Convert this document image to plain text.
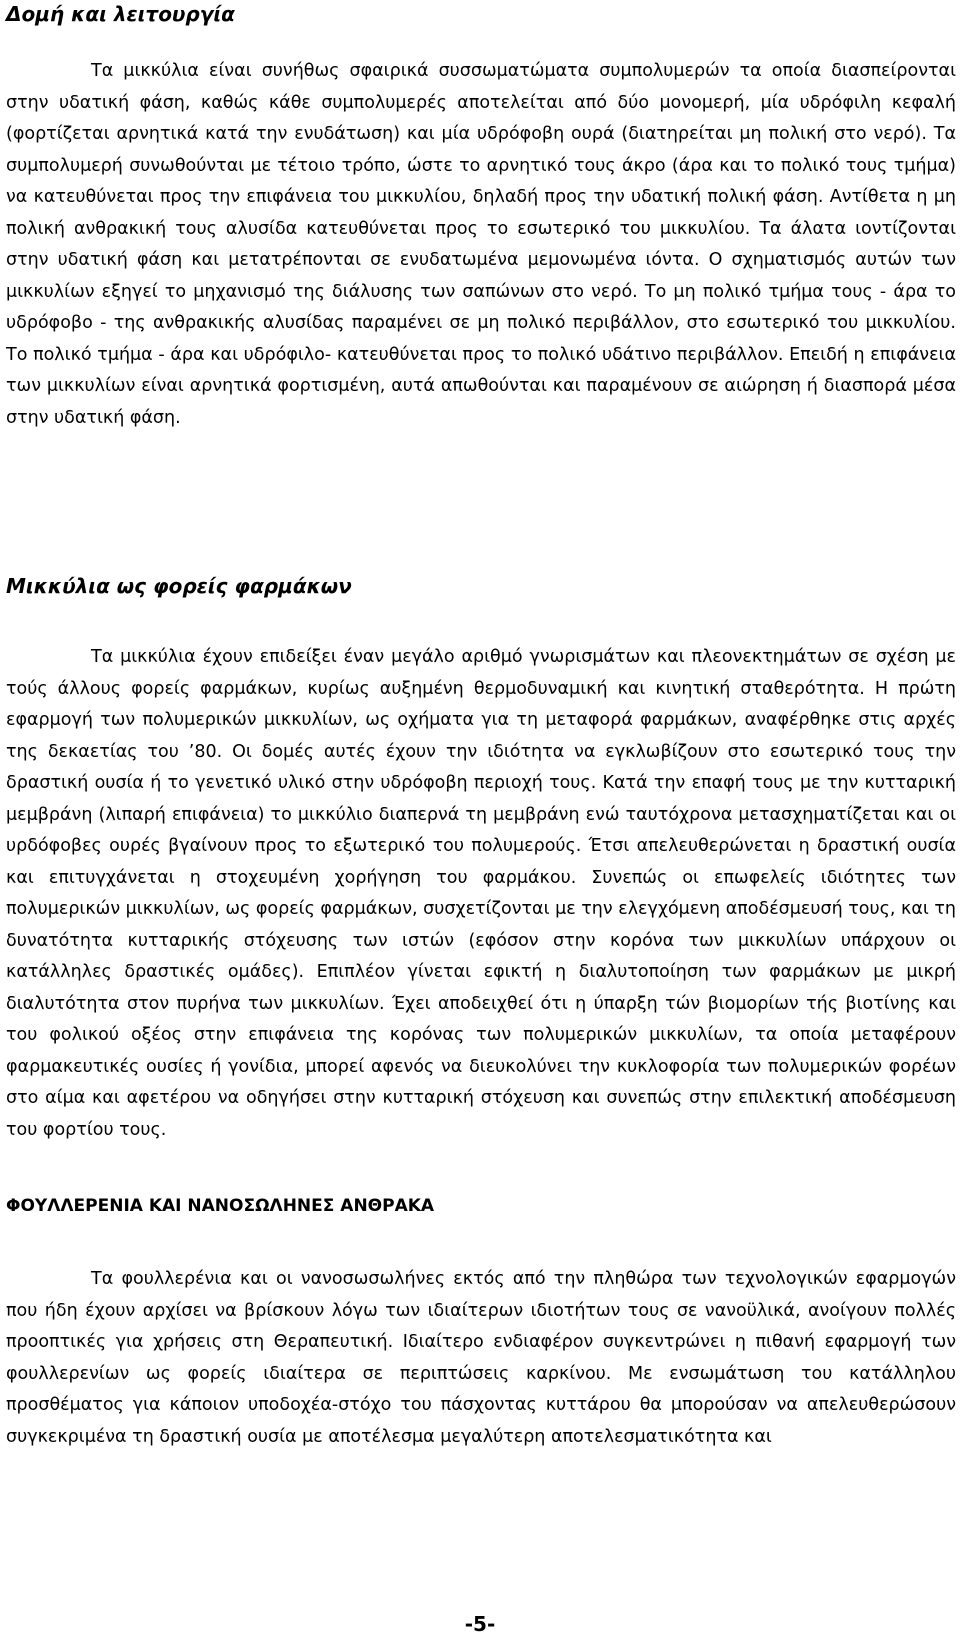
Δομή και λειτουργία

Τα μικκύλια είναι συνήθως σφαιρικά συσσωματώματα συμπολυμερών τα οποία διασπείρονται στην υδατική φάση, καθώς κάθε συμπολυμερές αποτελείται από δύο μονομερή, μία υδρόφιλη κεφαλή (φορτίζεται αρνητικά κατά την ενυδάτωση) και μία υδρόφοβη ουρά (διατηρείται μη πολική στο νερό). Τα συμπολυμερή συνωθούνται με τέτοιο τρόπο, ώστε το αρνητικό τους άκρο (άρα και το πολικό τους τμήμα) να κατευθύνεται προς την επιφάνεια του μικκυλίου, δηλαδή προς την υδατική πολική φάση. Αντίθετα η μη πολική ανθρακική τους αλυσίδα κατευθύνεται προς το εσωτερικό του μικκυλίου. Τα άλατα ιοντίζονται στην υδατική φάση και μετατρέπονται σε ενυδατωμένα μεμονωμένα ιόντα. Ο σχηματισμός αυτών των μικκυλίων εξηγεί το μηχανισμό της διάλυσης των σαπώνων στο νερό. Το μη πολικό τμήμα τους - άρα το υδρόφοβο - της ανθρακικής αλυσίδας παραμένει σε μη πολικό περιβάλλον, στο εσωτερικό του μικκυλίου. Το πολικό τμήμα - άρα και υδρόφιλο- κατευθύνεται προς το πολικό υδάτινο περιβάλλον. Επειδή η επιφάνεια των μικκυλίων είναι αρνητικά φορτισμένη, αυτά απωθούνται και παραμένουν σε αιώρηση ή διασπορά μέσα στην υδατική φάση.

Μικκύλια ως φορείς φαρμάκων

Τα μικκύλια έχουν επιδείξει έναν μεγάλο αριθμό γνωρισμάτων και πλεονεκτημάτων σε σχέση με τούς άλλους φορείς φαρμάκων, κυρίως αυξημένη θερμοδυναμική και κινητική σταθερότητα. Η πρώτη εφαρμογή των πολυμερικών μικκυλίων, ως οχήματα για τη μεταφορά φαρμάκων, αναφέρθηκε στις αρχές της δεκαετίας του ’80. Οι δομές αυτές έχουν την ιδιότητα να εγκλωβίζουν στο εσωτερικό τους την δραστική ουσία ή το γενετικό υλικό στην υδρόφοβη περιοχή τους. Κατά την επαφή τους με την κυτταρική μεμβράνη (λιπαρή επιφάνεια) το μικκύλιο διαπερνά τη μεμβράνη ενώ ταυτόχρονα μετασχηματίζεται και οι υρδόφοβες ουρές βγαίνουν προς το εξωτερικό του πολυμερούς. Έτσι απελευθερώνεται η δραστική ουσία και επιτυγχάνεται η στοχευμένη χορήγηση του φαρμάκου. Συνεπώς οι επωφελείς ιδιότητες των πολυμερικών μικκυλίων, ως φορείς φαρμάκων, συσχετίζονται με την ελεγχόμενη αποδέσμευσή τους, και τη δυνατότητα κυτταρικής στόχευσης των ιστών (εφόσον στην κορόνα των μικκυλίων υπάρχουν οι κατάλληλες δραστικές ομάδες). Επιπλέον γίνεται εφικτή η διαλυτοποίηση των φαρμάκων με μικρή διαλυτότητα στον πυρήνα των μικκυλίων. Έχει αποδειχθεί ότι η ύπαρξη τών βιομορίων τής βιοτίνης και του φολικού οξέος στην επιφάνεια της κορόνας των πολυμερικών μικκυλίων, τα οποία μεταφέρουν φαρμακευτικές ουσίες ή γονίδια, μπορεί αφενός να διευκολύνει την κυκλοφορία των πολυμερικών φορέων στο αίμα και αφετέρου να οδηγήσει στην κυτταρική στόχευση και συνεπώς στην επιλεκτική αποδέσμευση του φορτίου τους.

ΦΟΥΛΛΕΡΕΝΙΑ ΚΑΙ ΝΑΝΟΣΩΛΗΝΕΣ ΑΝΘΡΑΚΑ

Τα φουλλερένια και οι νανοσωσωλήνες εκτός από την πληθώρα των τεχνολογικών εφαρμογών που ήδη έχουν αρχίσει να βρίσκουν λόγω των ιδιαίτερων ιδιοτήτων τους σε νανοϋλικά, ανοίγουν πολλές προοπτικές για χρήσεις στη Θεραπευτική. Ιδιαίτερο ενδιαφέρον συγκεντρώνει η πιθανή εφαρμογή των φουλλερενίων ως φορείς ιδιαίτερα σε περιπτώσεις καρκίνου. Με ενσωμάτωση του κατάλληλου προσθέματος για κάποιον υποδοχέα-στόχο του πάσχοντας κυττάρου θα μπορούσαν να απελευθερώσουν συγκεκριμένα τη δραστική ουσία με αποτέλεσμα μεγαλύτερη αποτελεσματικότητα και

-5-
